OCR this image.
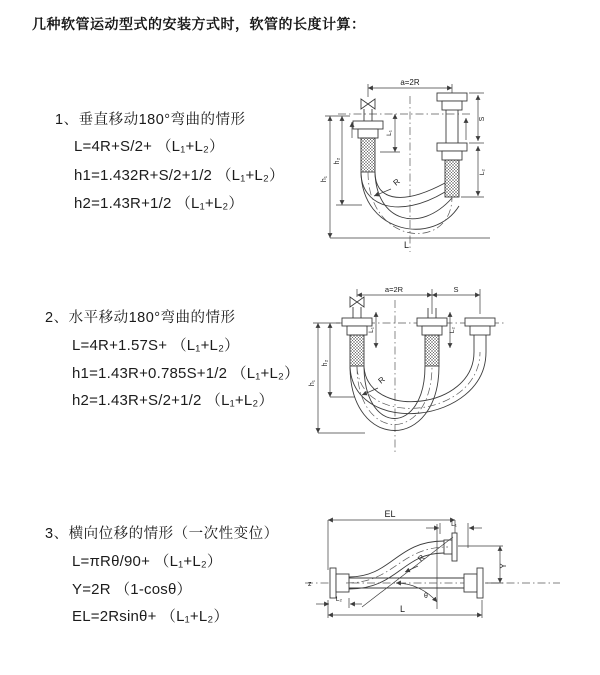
几种软管运动型式的安装方式时，软管的长度计算：
1、垂直移动180°弯曲的情形
L=4R+S/2+ （L₁+L₂）
h1=1.432R+S/2+1/2 （L₁+L₂）
h2=1.43R+1/2 （L₁+L₂）
a=2R
h₁
h₂
L₁
S
L₂
R
L
2、水平移动180°弯曲的情形
L=4R+1.57S+ （L₁+L₂）
h1=1.43R+0.785S+1/2 （L₁+L₂）
h2=1.43R+S/2+1/2 （L₁+L₂）
a=2R	S
L₁	L₂
h₁
h₂
R
3、横向位移的情形（一次性变位）
L=πRθ/90+ （L₁+L₂）
Y=2R （1-cosθ）
EL=2Rsinθ+ （L₁+L₂）
z
EL
L₁
θ
R
Y
L₂
L
